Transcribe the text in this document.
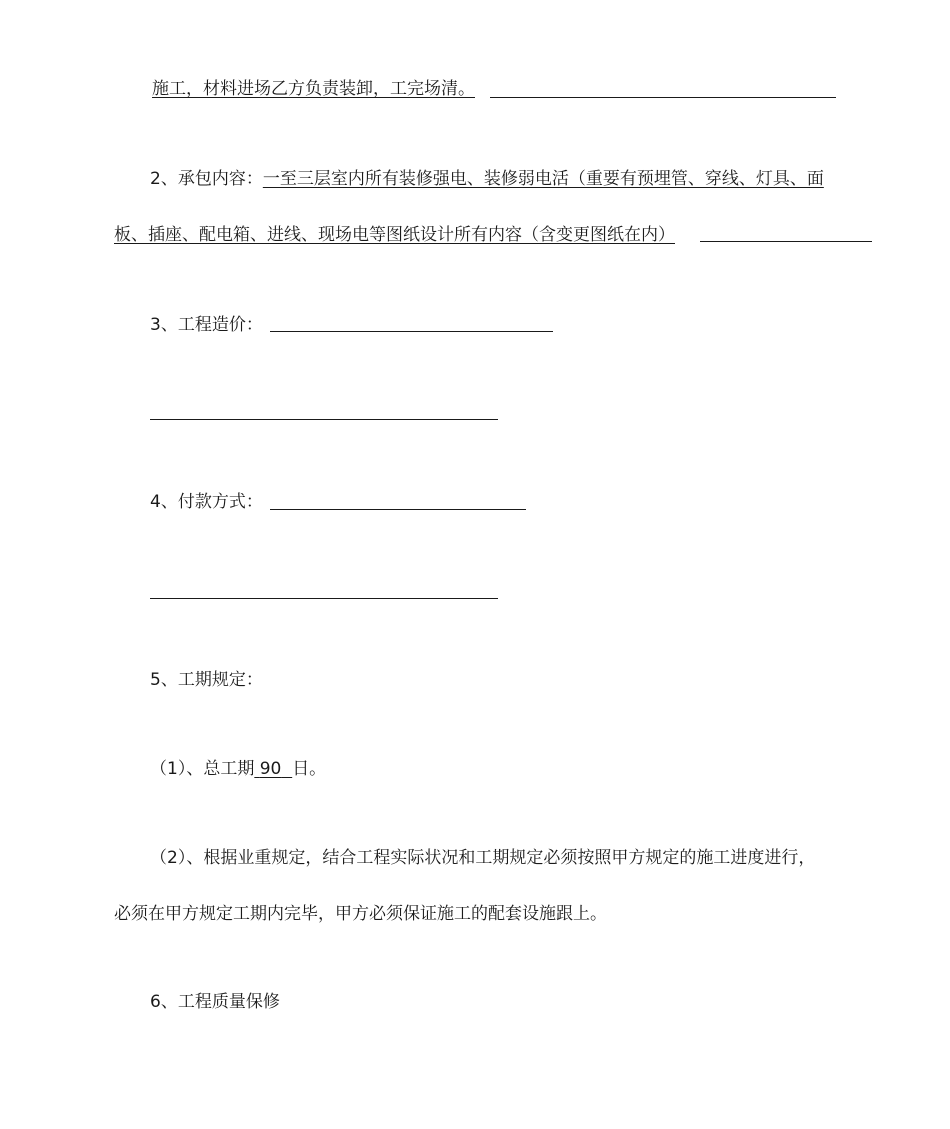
施工，材料进场乙方负责装卸，工完场清。
2、承包内容：一至三层室内所有装修强电、装修弱电活（重要有预埋管、穿线、灯具、面
板、插座、配电箱、进线、现场电等图纸设计所有内容（含变更图纸在内）
3、工程造价：
4、付款方式：
5、工期规定：
（1）、总工期 90 日。
（2）、根据业重规定，结合工程实际状况和工期规定必须按照甲方规定的施工进度进行，
必须在甲方规定工期内完毕，甲方必须保证施工的配套设施跟上。
6、工程质量保修
